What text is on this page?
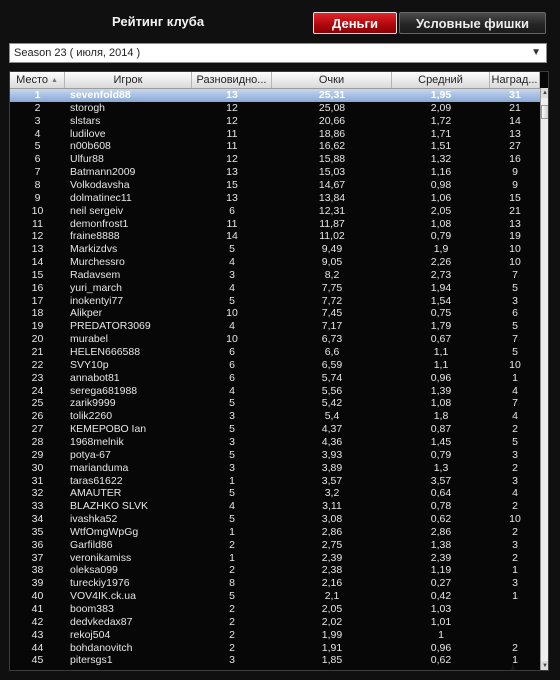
Рейтинг клуба	Деньги	Условные фишки
Season 23 ( июля, 2014 )	▼
Место ▲	Игрок	Разновидно...	Очки	Средний	Наград...
1	sevenfold88	13	25,31	1,95	31
2	storogh	12	25,08	2,09	21
3	slstars	12	20,66	1,72	14
4	ludilove	11	18,86	1,71	13
5	n00b608	11	16,62	1,51	27
6	Ulfur88	12	15,88	1,32	16
7	Batmann2009	13	15,03	1,16	9
8	Volkodavsha	15	14,67	0,98	9
9	dolmatinec11	13	13,84	1,06	15
10	neil sergeiv	6	12,31	2,05	21
11	demonfrost1	11	11,87	1,08	13
12	fraine8888	14	11,02	0,79	19
13	Markizdvs	5	9,49	1,9	10
14	Murchessro	4	9,05	2,26	10
15	Radavsem	3	8,2	2,73	7
16	yuri_march	4	7,75	1,94	5
17	inokentyi77	5	7,72	1,54	3
18	Alikper	10	7,45	0,75	6
19	PREDATOR3069	4	7,17	1,79	5
20	murabel	10	6,73	0,67	7
21	HELEN666588	6	6,6	1,1	5
22	SVY10p	6	6,59	1,1	10
23	annabot81	6	5,74	0,96	1
24	serega681988	4	5,56	1,39	4
25	zarik9999	5	5,42	1,08	7
26	tolik2260	3	5,4	1,8	4
27	КЕМЕРОВО Ian	5	4,37	0,87	2
28	1968melnik	3	4,36	1,45	5
29	potya-67	5	3,93	0,79	3
30	marianduma	3	3,89	1,3	2
31	taras61622	1	3,57	3,57	3
32	AMAUTER	5	3,2	0,64	4
33	BLAZHKO SLVK	4	3,11	0,78	2
34	ivashka52	5	3,08	0,62	10
35	WtfOmgWpGg	1	2,86	2,86	2
36	Garfild86	2	2,75	1,38	3
37	veronikamiss	1	2,39	2,39	2
38	oleksa099	2	2,38	1,19	1
39	tureckiy1976	8	2,16	0,27	3
40	VOV4IK.ck.ua	5	2,1	0,42	1
41	boom383	2	2,05	1,03
42	dedvkedax87	2	2,02	1,01
43	rekoj504	2	1,99	1
44	bohdanovitch	2	1,91	0,96	2
45	pitersgs1	3	1,85	0,62	1
▲
▼
